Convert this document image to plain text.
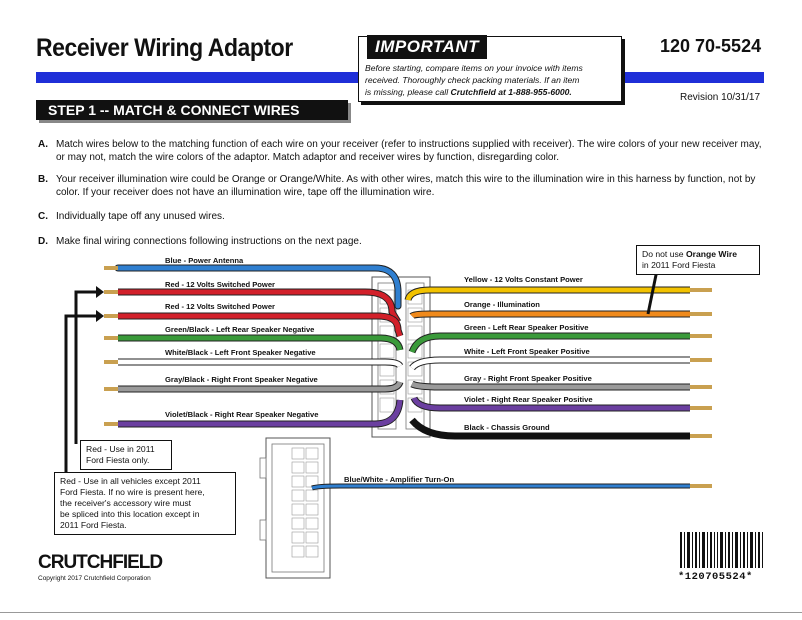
Receiver Wiring Adaptor	120 70-5524
IMPORTANT
Before starting, compare items on your invoice with items
received. Thoroughly check packing materials. If an item
is missing, please call Crutchfield at 1-888-955-6000.	Revision 10/31/17
STEP 1 -- MATCH & CONNECT WIRES
A. Match wires below to the matching function of each wire on your receiver (refer to instructions supplied with receiver). The wire colors of your new receiver may, or may not, match the wire colors of the adaptor. Match adaptor and receiver wires by function, disregarding color.
B. Your receiver illumination wire could be Orange or Orange/White. As with other wires, match this wire to the illumination wire in this harness by function, not by color. If your receiver does not have an illumination wire, tape off the illumination wire.
C. Individually tape off any unused wires.
D. Make final wiring connections following instructions on the next page.
Blue - Power Antenna
Red - 12 Volts Switched Power
Red - 12 Volts Switched Power
Green/Black - Left Rear Speaker Negative
White/Black - Left Front Speaker Negative
Gray/Black - Right Front Speaker Negative
Violet/Black - Right Rear Speaker Negative
Yellow - 12 Volts Constant Power
Orange - Illumination
Green - Left Rear Speaker Positive
White - Left Front Speaker Positive
Gray - Right Front Speaker Positive
Violet - Right Rear Speaker Positive
Black - Chassis Ground
Blue/White - Amplifier Turn-On
Do not use Orange Wire
in 2011 Ford Fiesta
Red - Use in 2011
Ford Fiesta only.
Red - Use in all vehicles except 2011
Ford Fiesta. If no wire is present here,
the receiver's accessory wire must
be spliced into this location except in
2011 Ford Fiesta.
CRUTCHFIELD
Copyright 2017 Crutchfield Corporation	*120705524*
